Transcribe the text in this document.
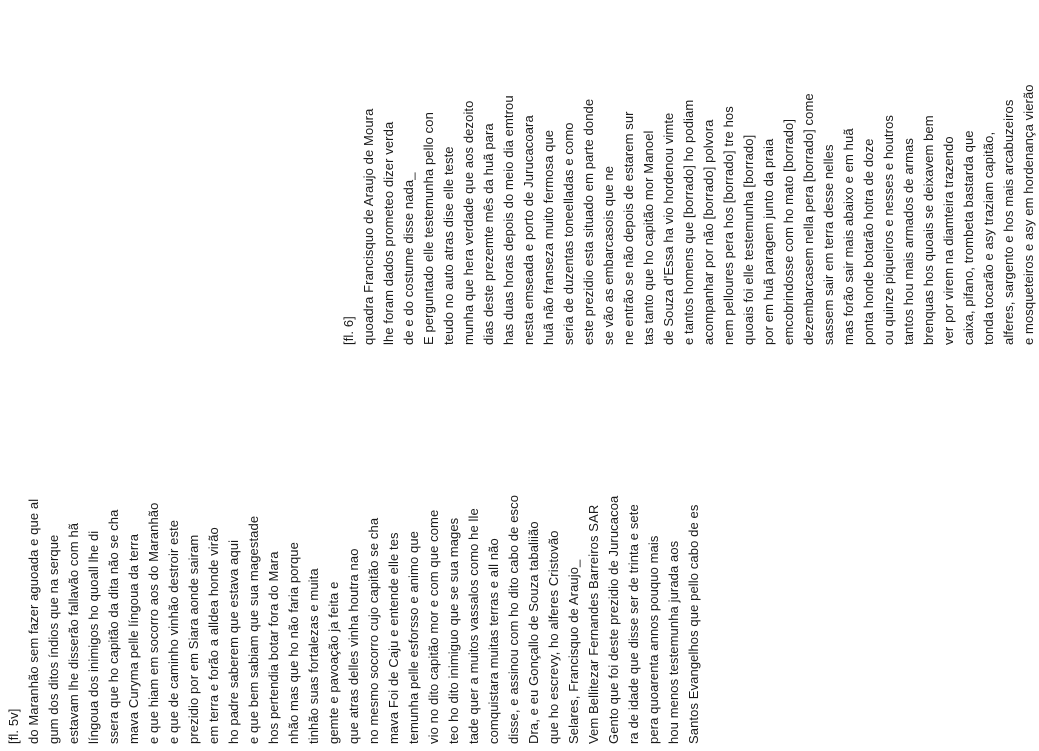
[fl. 5v] do Maranhão sem fazer aguoada e que al gum dos ditos índios que na serque estavam lhe disserão fallavão com hã língoua dos inimigos ho quoall lhe di ssera que ho capitão da dita não se cha mava Curyma pelle língoua da terra e que hiam em socorro aos do Maranhão e que de caminho vinhão destroir este prezidio por em Siara aonde sairam em terra e forão a alldea honde virão ho padre saberem que estava aqui e que bem sabiam que sua magestade hos pertendia botar fora do Mara nhão mas que ho não faria porque tinhão suas fortalezas e muita gemte e pavoação ja feita e que atras delles vinha houtra nao no mesmo socorro cujo capitão se cha mava Foi de Caju e entende elle tes temunha pelle esforsso e animo que vio no dito capitão mor e com que come teo ho dito inimiguo que se sua mages tade quer a muitos vassalos como he lle comquistara muitas terras e all não disse, e assinou com ho dito cabo de esco Dra, e eu Gonçallo de Souza tabaliião que ho escrevy, ho alferes Cristovão Selares, Francisquo de Araujo_ Vem Bellitezar Fernandes Barreiros SAR Gento que foi deste prezidio de Jurucacoa ra de idade que disse ser de trinta e sete pera quoarenta annos pouquo mais hou menos testemunha jurada aos Santos Evangelhos que pello cabo de es
[fl. 6] quoadra Francisquo de Araujo de Moura lhe foram dados prometeo dizer verda de e do costume disse nada_ E perguntado elle testemunha pello con teudo no auto atras dise elle teste munha que hera verdade que aos dezoito dias deste prezemte mês da huã para has duas horas depois do meio dia emtrou nesta emseada e porto de Jurucacoara huã não franseza muito fermosa que seria de duzentas toneelladas e como este prezidio esta situado em parte donde se vão as embarcasois que ne ne entrão se não depois de estarem sur tas tanto que ho capitão mor Manoel de Souza d'Essa ha vio hordenou vimte e tantos homens que [borrado] ho podiam acompanhar por não [borrado] polvora nem pelloures pera hos [borrado] tre hos quoais foi elle testemunha [borrado] por em huã paragem junto da praia emcobrindosse com ho mato [borrado] dezembarcasem nella pera [borrado] come sassem sair em terra desse nelles mas forão sair mais abaixo e em huã ponta honde botarão hotra de doze ou quinze piqueiros e nesses e houtros tantos hou mais armados de armas brenquas hos quoais se deixavem bem ver por virem na diamteira trazendo caixa, pifano, trombeta bastarda que tonda tocarão e asy traziam capitão, alferes, sargento e hos mais arcabuzeiros e mosqueteiros e asy em hordenança vierão
